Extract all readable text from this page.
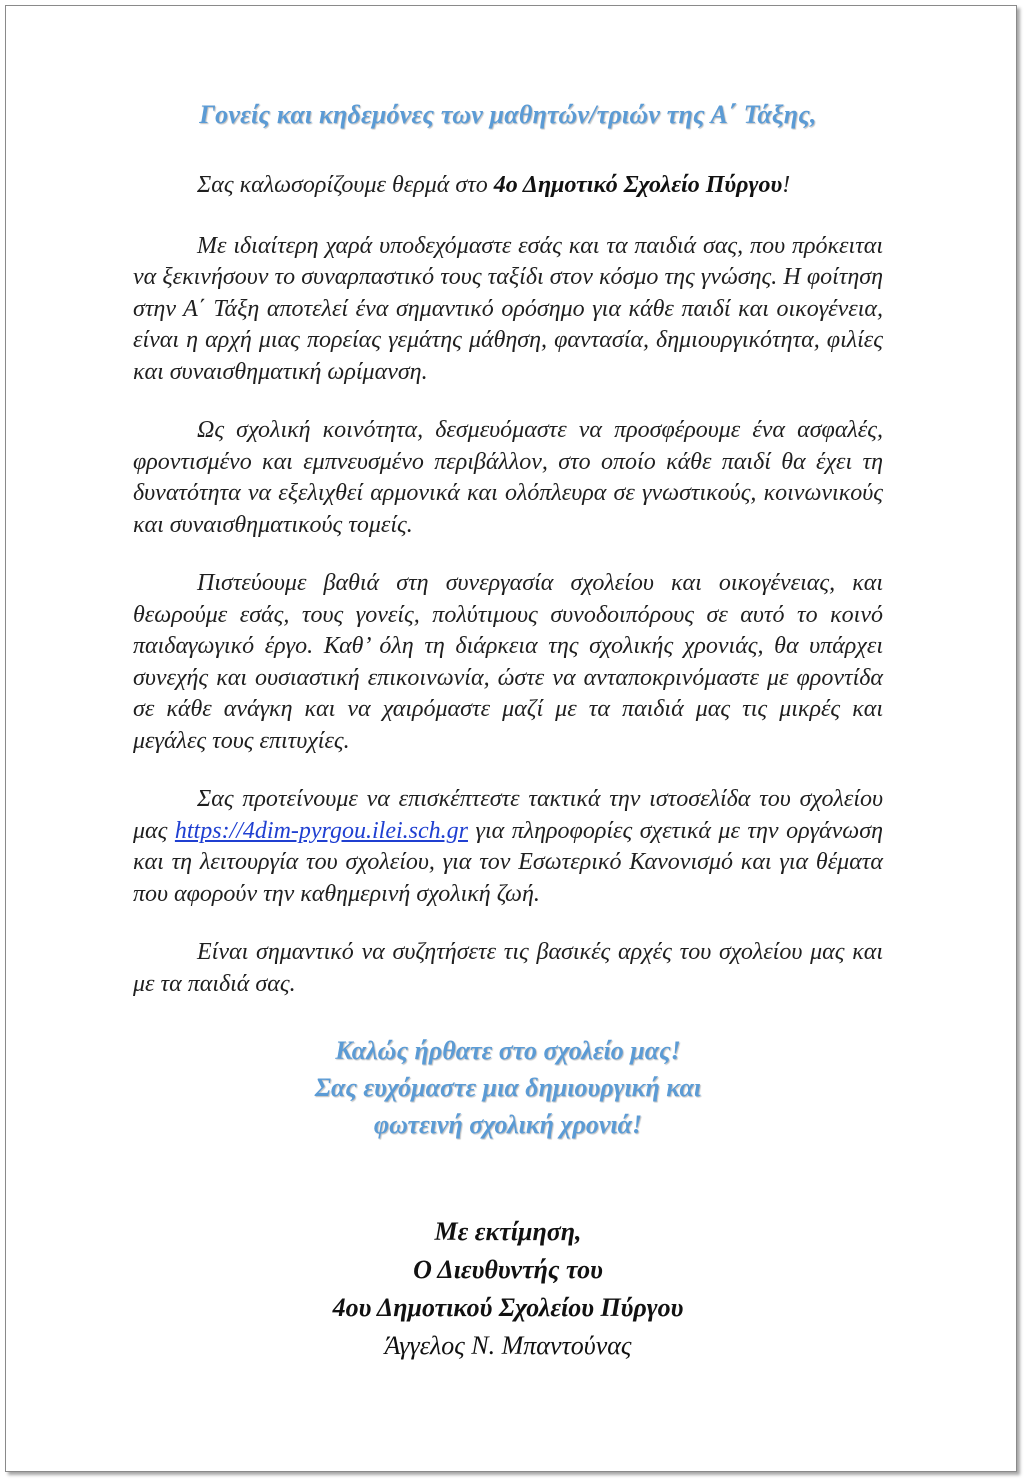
Γονείς και κηδεμόνες των μαθητών/τριών της Α΄ Τάξης,

Σας καλωσορίζουμε θερμά στο 4ο Δημοτικό Σχολείο Πύργου!

Με ιδιαίτερη χαρά υποδεχόμαστε εσάς και τα παιδιά σας, που πρόκειται να ξεκινήσουν το συναρπαστικό τους ταξίδι στον κόσμο της γνώσης. Η φοίτηση στην Α΄ Τάξη αποτελεί ένα σημαντικό ορόσημο για κάθε παιδί και οικογένεια, είναι η αρχή μιας πορείας γεμάτης μάθηση, φαντασία, δημιουργικότητα, φιλίες και συναισθηματική ωρίμανση.

Ως σχολική κοινότητα, δεσμευόμαστε να προσφέρουμε ένα ασφαλές, φροντισμένο και εμπνευσμένο περιβάλλον, στο οποίο κάθε παιδί θα έχει τη δυνατότητα να εξελιχθεί αρμονικά και ολόπλευρα σε γνωστικούς, κοινωνικούς και συναισθηματικούς τομείς.

Πιστεύουμε βαθιά στη συνεργασία σχολείου και οικογένειας, και θεωρούμε εσάς, τους γονείς, πολύτιμους συνοδοιπόρους σε αυτό το κοινό παιδαγωγικό έργο. Καθ’ όλη τη διάρκεια της σχολικής χρονιάς, θα υπάρχει συνεχής και ουσιαστική επικοινωνία, ώστε να ανταποκρινόμαστε με φροντίδα σε κάθε ανάγκη και να χαιρόμαστε μαζί με τα παιδιά μας τις μικρές και μεγάλες τους επιτυχίες.

Σας προτείνουμε να επισκέπτεστε τακτικά την ιστοσελίδα του σχολείου μας https://4dim-pyrgou.ilei.sch.gr για πληροφορίες σχετικά με την οργάνωση και τη λειτουργία του σχολείου, για τον Εσωτερικό Κανονισμό και για θέματα που αφορούν την καθημερινή σχολική ζωή.

Είναι σημαντικό να συζητήσετε τις βασικές αρχές του σχολείου μας και με τα παιδιά σας.

Καλώς ήρθατε στο σχολείο μας!
Σας ευχόμαστε μια δημιουργική και
φωτεινή σχολική χρονιά!
Με εκτίμηση,
Ο Διευθυντής του
4ου Δημοτικού Σχολείου Πύργου
Άγγελος Ν. Μπαντούνας
